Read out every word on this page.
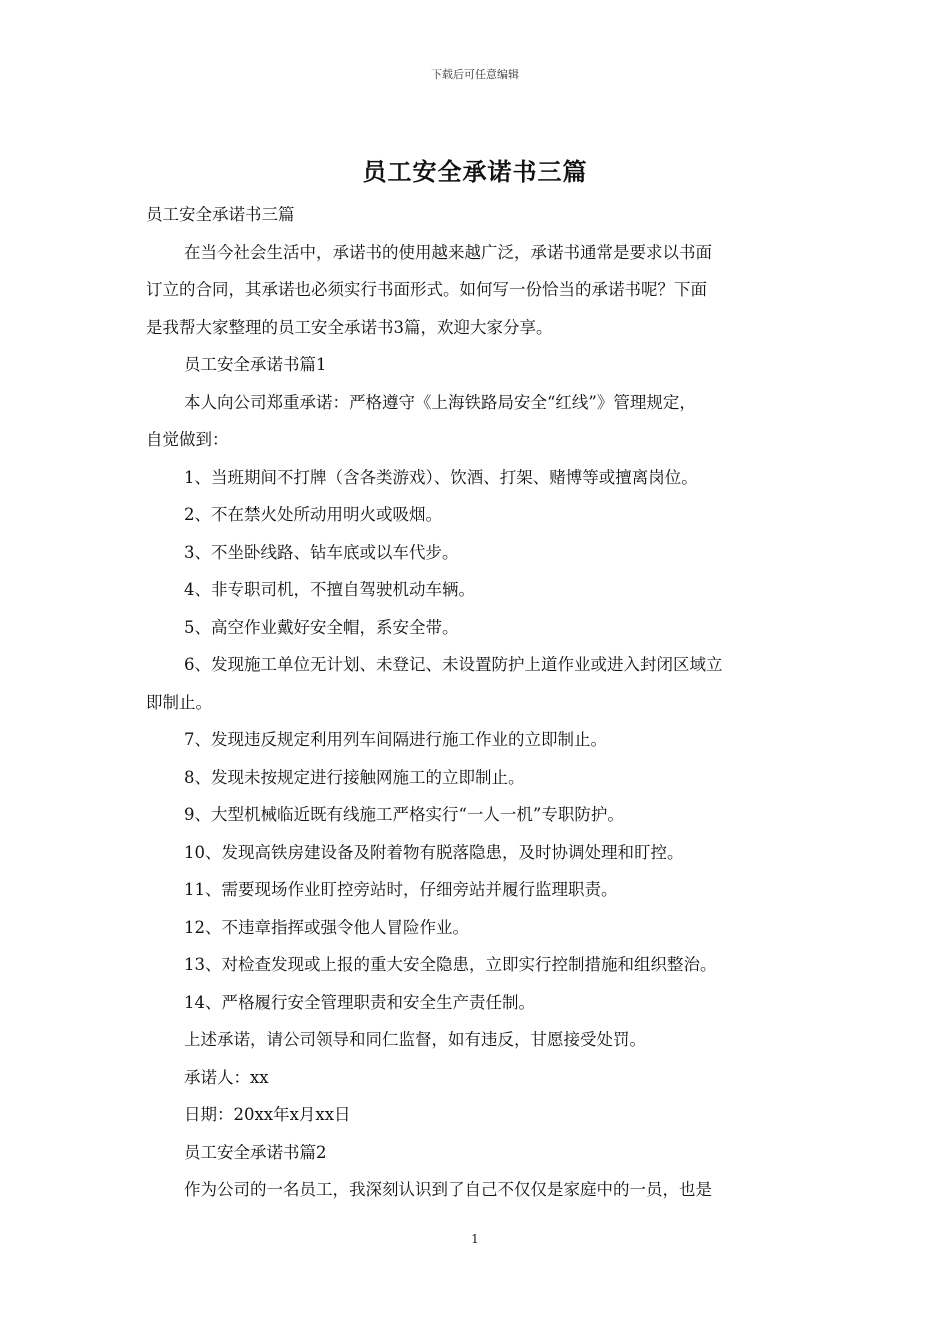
下载后可任意编辑
员工安全承诺书三篇
员工安全承诺书三篇
在当今社会生活中，承诺书的使用越来越广泛，承诺书通常是要求以书面
订立的合同，其承诺也必须实行书面形式。如何写一份恰当的承诺书呢？下面
是我帮大家整理的员工安全承诺书3篇，欢迎大家分享。
员工安全承诺书篇1
本人向公司郑重承诺：严格遵守《上海铁路局安全“红线”》管理规定，
自觉做到：
1、当班期间不打牌（含各类游戏）、饮酒、打架、赌博等或擅离岗位。
2、不在禁火处所动用明火或吸烟。
3、不坐卧线路、钻车底或以车代步。
4、非专职司机，不擅自驾驶机动车辆。
5、高空作业戴好安全帽，系安全带。
6、发现施工单位无计划、未登记、未设置防护上道作业或进入封闭区域立
即制止。
7、发现违反规定利用列车间隔进行施工作业的立即制止。
8、发现未按规定进行接触网施工的立即制止。
9、大型机械临近既有线施工严格实行“一人一机”专职防护。
10、发现高铁房建设备及附着物有脱落隐患，及时协调处理和盯控。
11、需要现场作业盯控旁站时，仔细旁站并履行监理职责。
12、不违章指挥或强令他人冒险作业。
13、对检查发现或上报的重大安全隐患，立即实行控制措施和组织整治。
14、严格履行安全管理职责和安全生产责任制。
上述承诺，请公司领导和同仁监督，如有违反，甘愿接受处罚。
承诺人：xx
日期：20xx年x月xx日
员工安全承诺书篇2
作为公司的一名员工，我深刻认识到了自己不仅仅是家庭中的一员，也是
1
